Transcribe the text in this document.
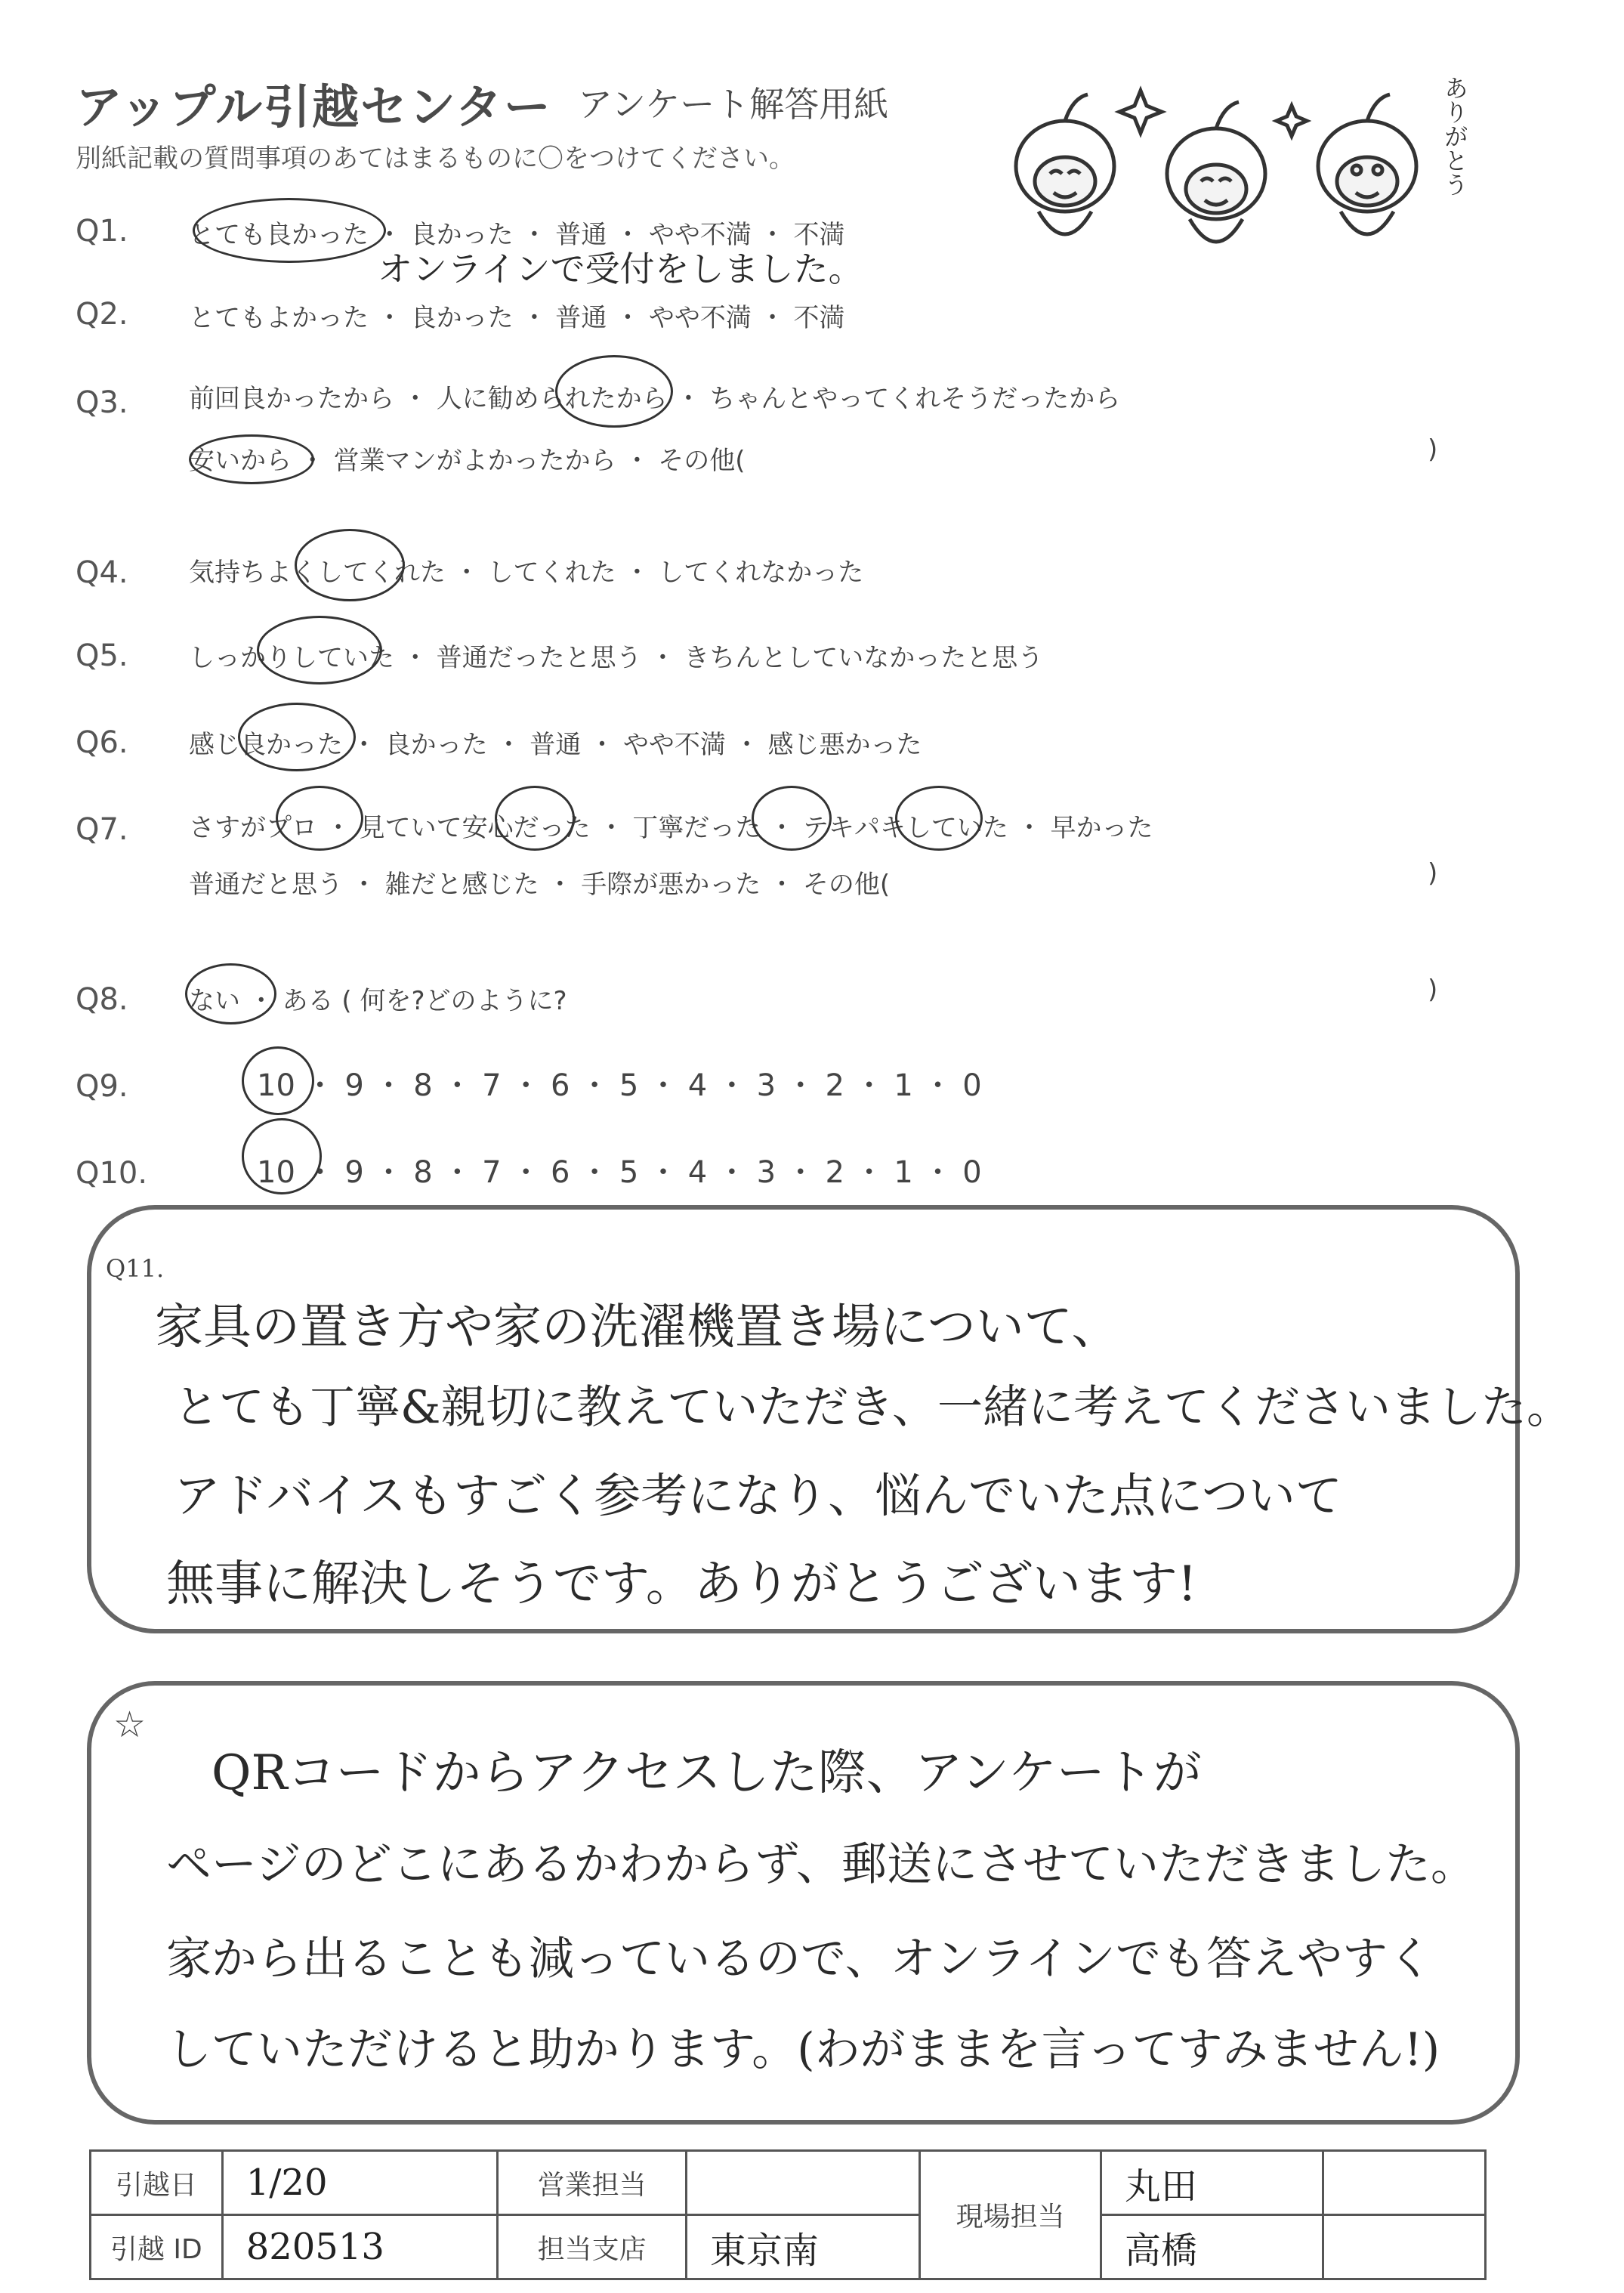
アップル引越センター アンケート解答用紙
別紙記載の質問事項のあてはまるものに〇をつけてください。	ありがとう
Q1. とても良かった ・ 良かった ・ 普通 ・ やや不満 ・ 不満
オンラインで受付をしました。
Q2. とてもよかった ・ 良かった ・ 普通 ・ やや不満 ・ 不満
Q3. 前回良かったから ・ 人に勧められたから ・ ちゃんとやってくれそうだったから
安いから ・ 営業マンがよかったから ・ その他(	)
Q4. 気持ちよくしてくれた ・ してくれた ・ してくれなかった
Q5. しっかりしていた ・ 普通だったと思う ・ きちんとしていなかったと思う
Q6. 感じ良かった ・ 良かった ・ 普通 ・ やや不満 ・ 感じ悪かった
Q7. さすがプロ ・ 見ていて安心だった ・ 丁寧だった ・ テキパキしていた ・ 早かった
普通だと思う ・ 雑だと感じた ・ 手際が悪かった ・ その他(	)
Q8. ない ・ ある ( 何を?どのように?	)
Q9.	10 ・ 9 ・ 8 ・ 7 ・ 6 ・ 5 ・ 4 ・ 3 ・ 2 ・ 1 ・ 0
Q10.	10 ・ 9 ・ 8 ・ 7 ・ 6 ・ 5 ・ 4 ・ 3 ・ 2 ・ 1 ・ 0
Q11.
家具の置き方や家の洗濯機置き場について、
とても丁寧&親切に教えていただき、一緒に考えてくださいました。
アドバイスもすごく参考になり、悩んでいた点について
無事に解決しそうです。ありがとうございます!
☆
QRコードからアクセスした際、アンケートが
ページのどこにあるかわからず、郵送にさせていただきました。
家から出ることも減っているので、オンラインでも答えやすく
していただけると助かります。(わがままを言ってすみません!)
引越日	1/20	営業担当		現場担当	丸田	
引越 ID	820513	担当支店	東京南		高橋	
